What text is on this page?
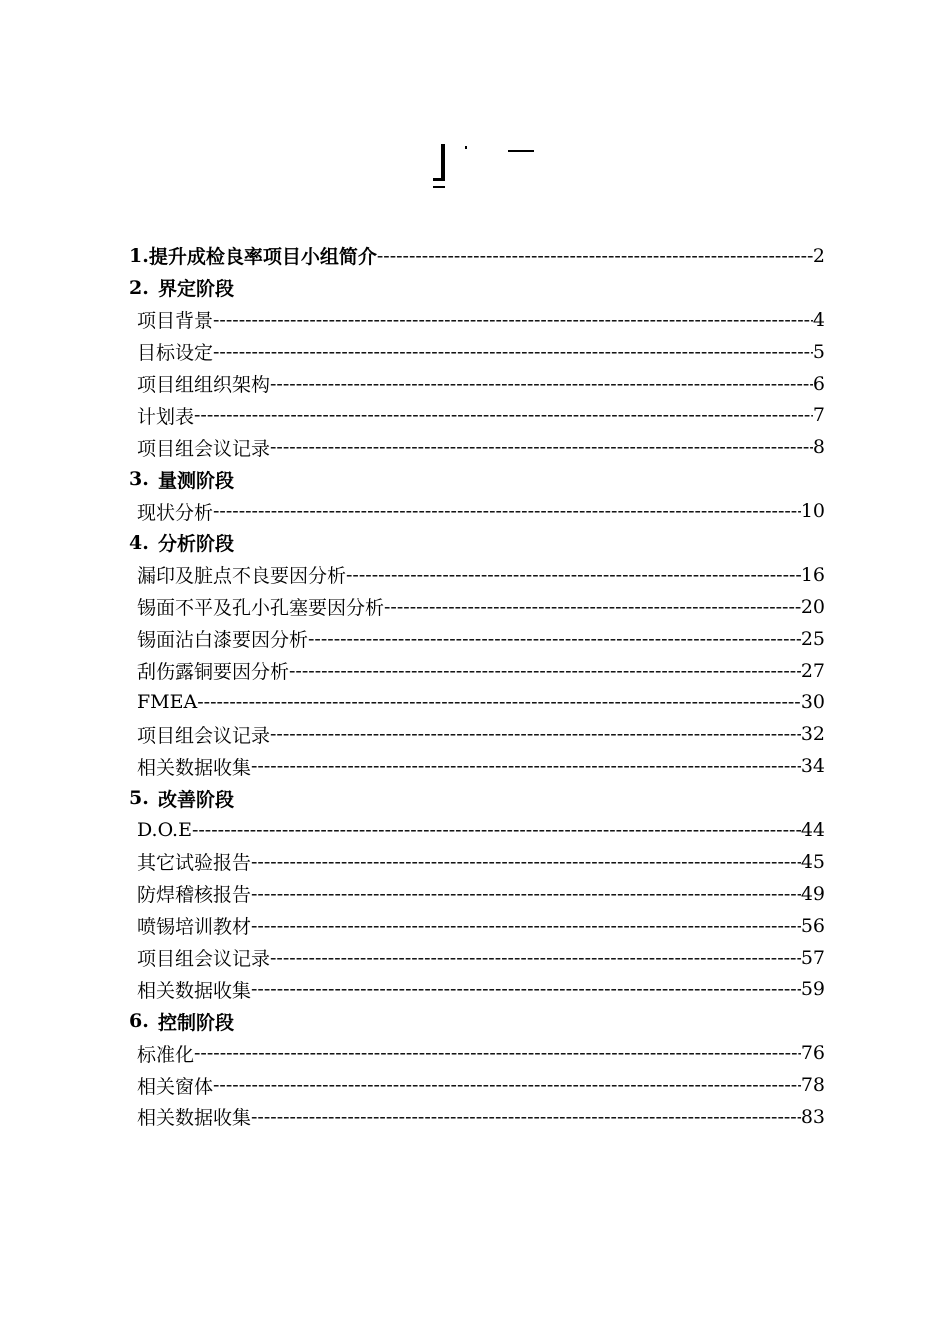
1. 提升成检良率项目小组简介 -----	2
2. 界定阶段
项目背景 -----	4
目标设定 -----	5
项目组组织架构 -----	6
计划表 -----	7
项目组会议记录 -----	8
3. 量测阶段
现状分析 -----	10
4. 分析阶段
漏印及脏点不良要因分析 -----	16
锡面不平及孔小孔塞要因分析 -----	20
锡面沾白漆要因分析 -----	25
刮伤露铜要因分析 -----	27
FMEA -----	30
项目组会议记录 -----	32
相关数据收集 -----	34
5. 改善阶段
D.O.E -----	44
其它试验报告 -----	45
防焊稽核报告 -----	49
喷锡培训教材 -----	56
项目组会议记录 -----	57
相关数据收集 -----	59
6. 控制阶段
标准化 -----	76
相关窗体 -----	78
相关数据收集 -----	83
